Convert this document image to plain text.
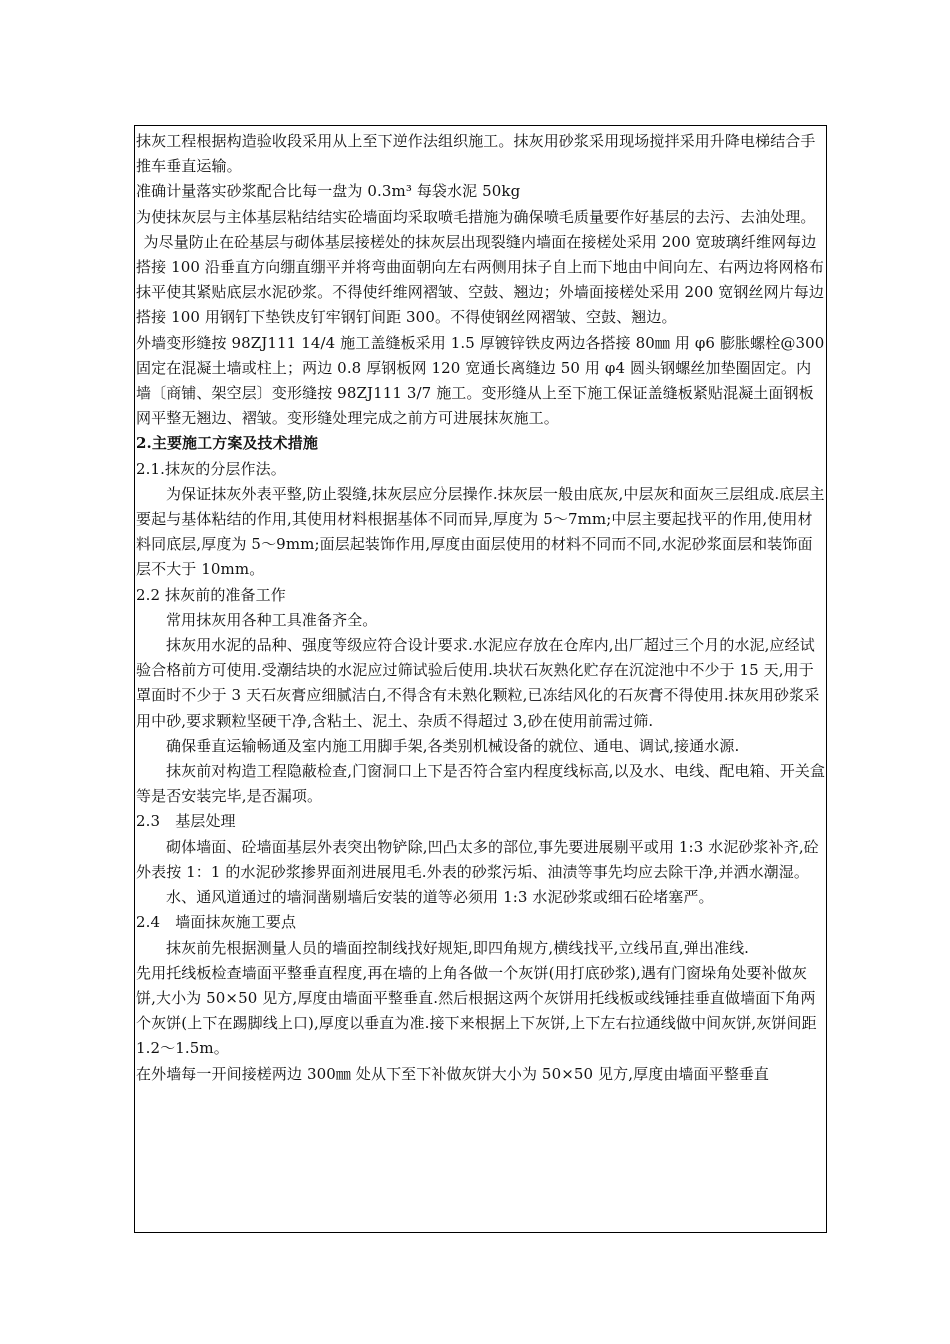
抹灰工程根据构造验收段采用从上至下逆作法组织施工。抹灰用砂浆采用现场搅拌采用升降电梯结合手推车垂直运输。

准确计量落实砂浆配合比每一盘为 0.3m³ 每袋水泥 50kg

为使抹灰层与主体基层粘结结实砼墙面均采取喷毛措施为确保喷毛质量要作好基层的去污、去油处理。

为尽量防止在砼基层与砌体基层接槎处的抹灰层出现裂缝内墙面在接槎处采用 200 宽玻璃纤维网每边搭接 100 沿垂直方向绷直绷平并将弯曲面朝向左右两侧用抹子自上而下地由中间向左、右两边将网格布抹平使其紧贴底层水泥砂浆。不得使纤维网褶皱、空鼓、翘边；外墙面接槎处采用 200 宽钢丝网片每边搭接 100 用钢钉下垫铁皮钉牢钢钉间距 300。不得使钢丝网褶皱、空鼓、翘边。

外墙变形缝按 98ZJ111 14/4 施工盖缝板采用 1.5 厚镀锌铁皮两边各搭接 80㎜ 用 φ6 膨胀螺栓@300 固定在混凝土墙或柱上；两边 0.8 厚钢板网 120 宽通长离缝边 50 用 φ4 圆头钢螺丝加垫圈固定。内墙〔商铺、架空层〕变形缝按 98ZJ111 3/7 施工。变形缝从上至下施工保证盖缝板紧贴混凝土面钢板网平整无翘边、褶皱。变形缝处理完成之前方可进展抹灰施工。

2.主要施工方案及技术措施

2.1.抹灰的分层作法。

为保证抹灰外表平整,防止裂缝,抹灰层应分层操作.抹灰层一般由底灰,中层灰和面灰三层组成.底层主要起与基体粘结的作用,其使用材料根据基体不同而异,厚度为 5～7mm;中层主要起找平的作用,使用材料同底层,厚度为 5～9mm;面层起装饰作用,厚度由面层使用的材料不同而不同,水泥砂浆面层和装饰面层不大于 10mm。

2.2 抹灰前的准备工作

常用抹灰用各种工具准备齐全。

抹灰用水泥的品种、强度等级应符合设计要求.水泥应存放在仓库内,出厂超过三个月的水泥,应经试验合格前方可使用.受潮结块的水泥应过筛试验后使用.块状石灰熟化贮存在沉淀池中不少于 15 天,用于罩面时不少于 3 天石灰膏应细腻洁白,不得含有未熟化颗粒,已冻结风化的石灰膏不得使用.抹灰用砂浆采用中砂,要求颗粒坚硬干净,含粘土、泥土、杂质不得超过 3,砂在使用前需过筛.

确保垂直运输畅通及室内施工用脚手架,各类别机械设备的就位、通电、调试,接通水源.

抹灰前对构造工程隐蔽检查,门窗洞口上下是否符合室内程度线标高,以及水、电线、配电箱、开关盒等是否安装完毕,是否漏项。

2.3　基层处理

砌体墙面、砼墙面基层外表突出物铲除,凹凸太多的部位,事先要进展剔平或用 1:3 水泥砂浆补齐,砼外表按 1：1 的水泥砂浆掺界面剂进展甩毛.外表的砂浆污垢、油渍等事先均应去除干净,并洒水潮湿。

水、通风道通过的墙洞凿剔墙后安装的道等必须用 1:3 水泥砂浆或细石砼堵塞严。

2.4　墙面抹灰施工要点

抹灰前先根据测量人员的墙面控制线找好规矩,即四角规方,横线找平,立线吊直,弹出准线.

先用托线板检查墙面平整垂直程度,再在墙的上角各做一个灰饼(用打底砂浆),遇有门窗垛角处要补做灰饼,大小为 50×50 见方,厚度由墙面平整垂直.然后根据这两个灰饼用托线板或线锤挂垂直做墙面下角两个灰饼(上下在踢脚线上口),厚度以垂直为准.接下来根据上下灰饼,上下左右拉通线做中间灰饼,灰饼间距 1.2～1.5m。

在外墙每一开间接槎两边 300㎜ 处从下至下补做灰饼大小为 50×50 见方,厚度由墙面平整垂直
